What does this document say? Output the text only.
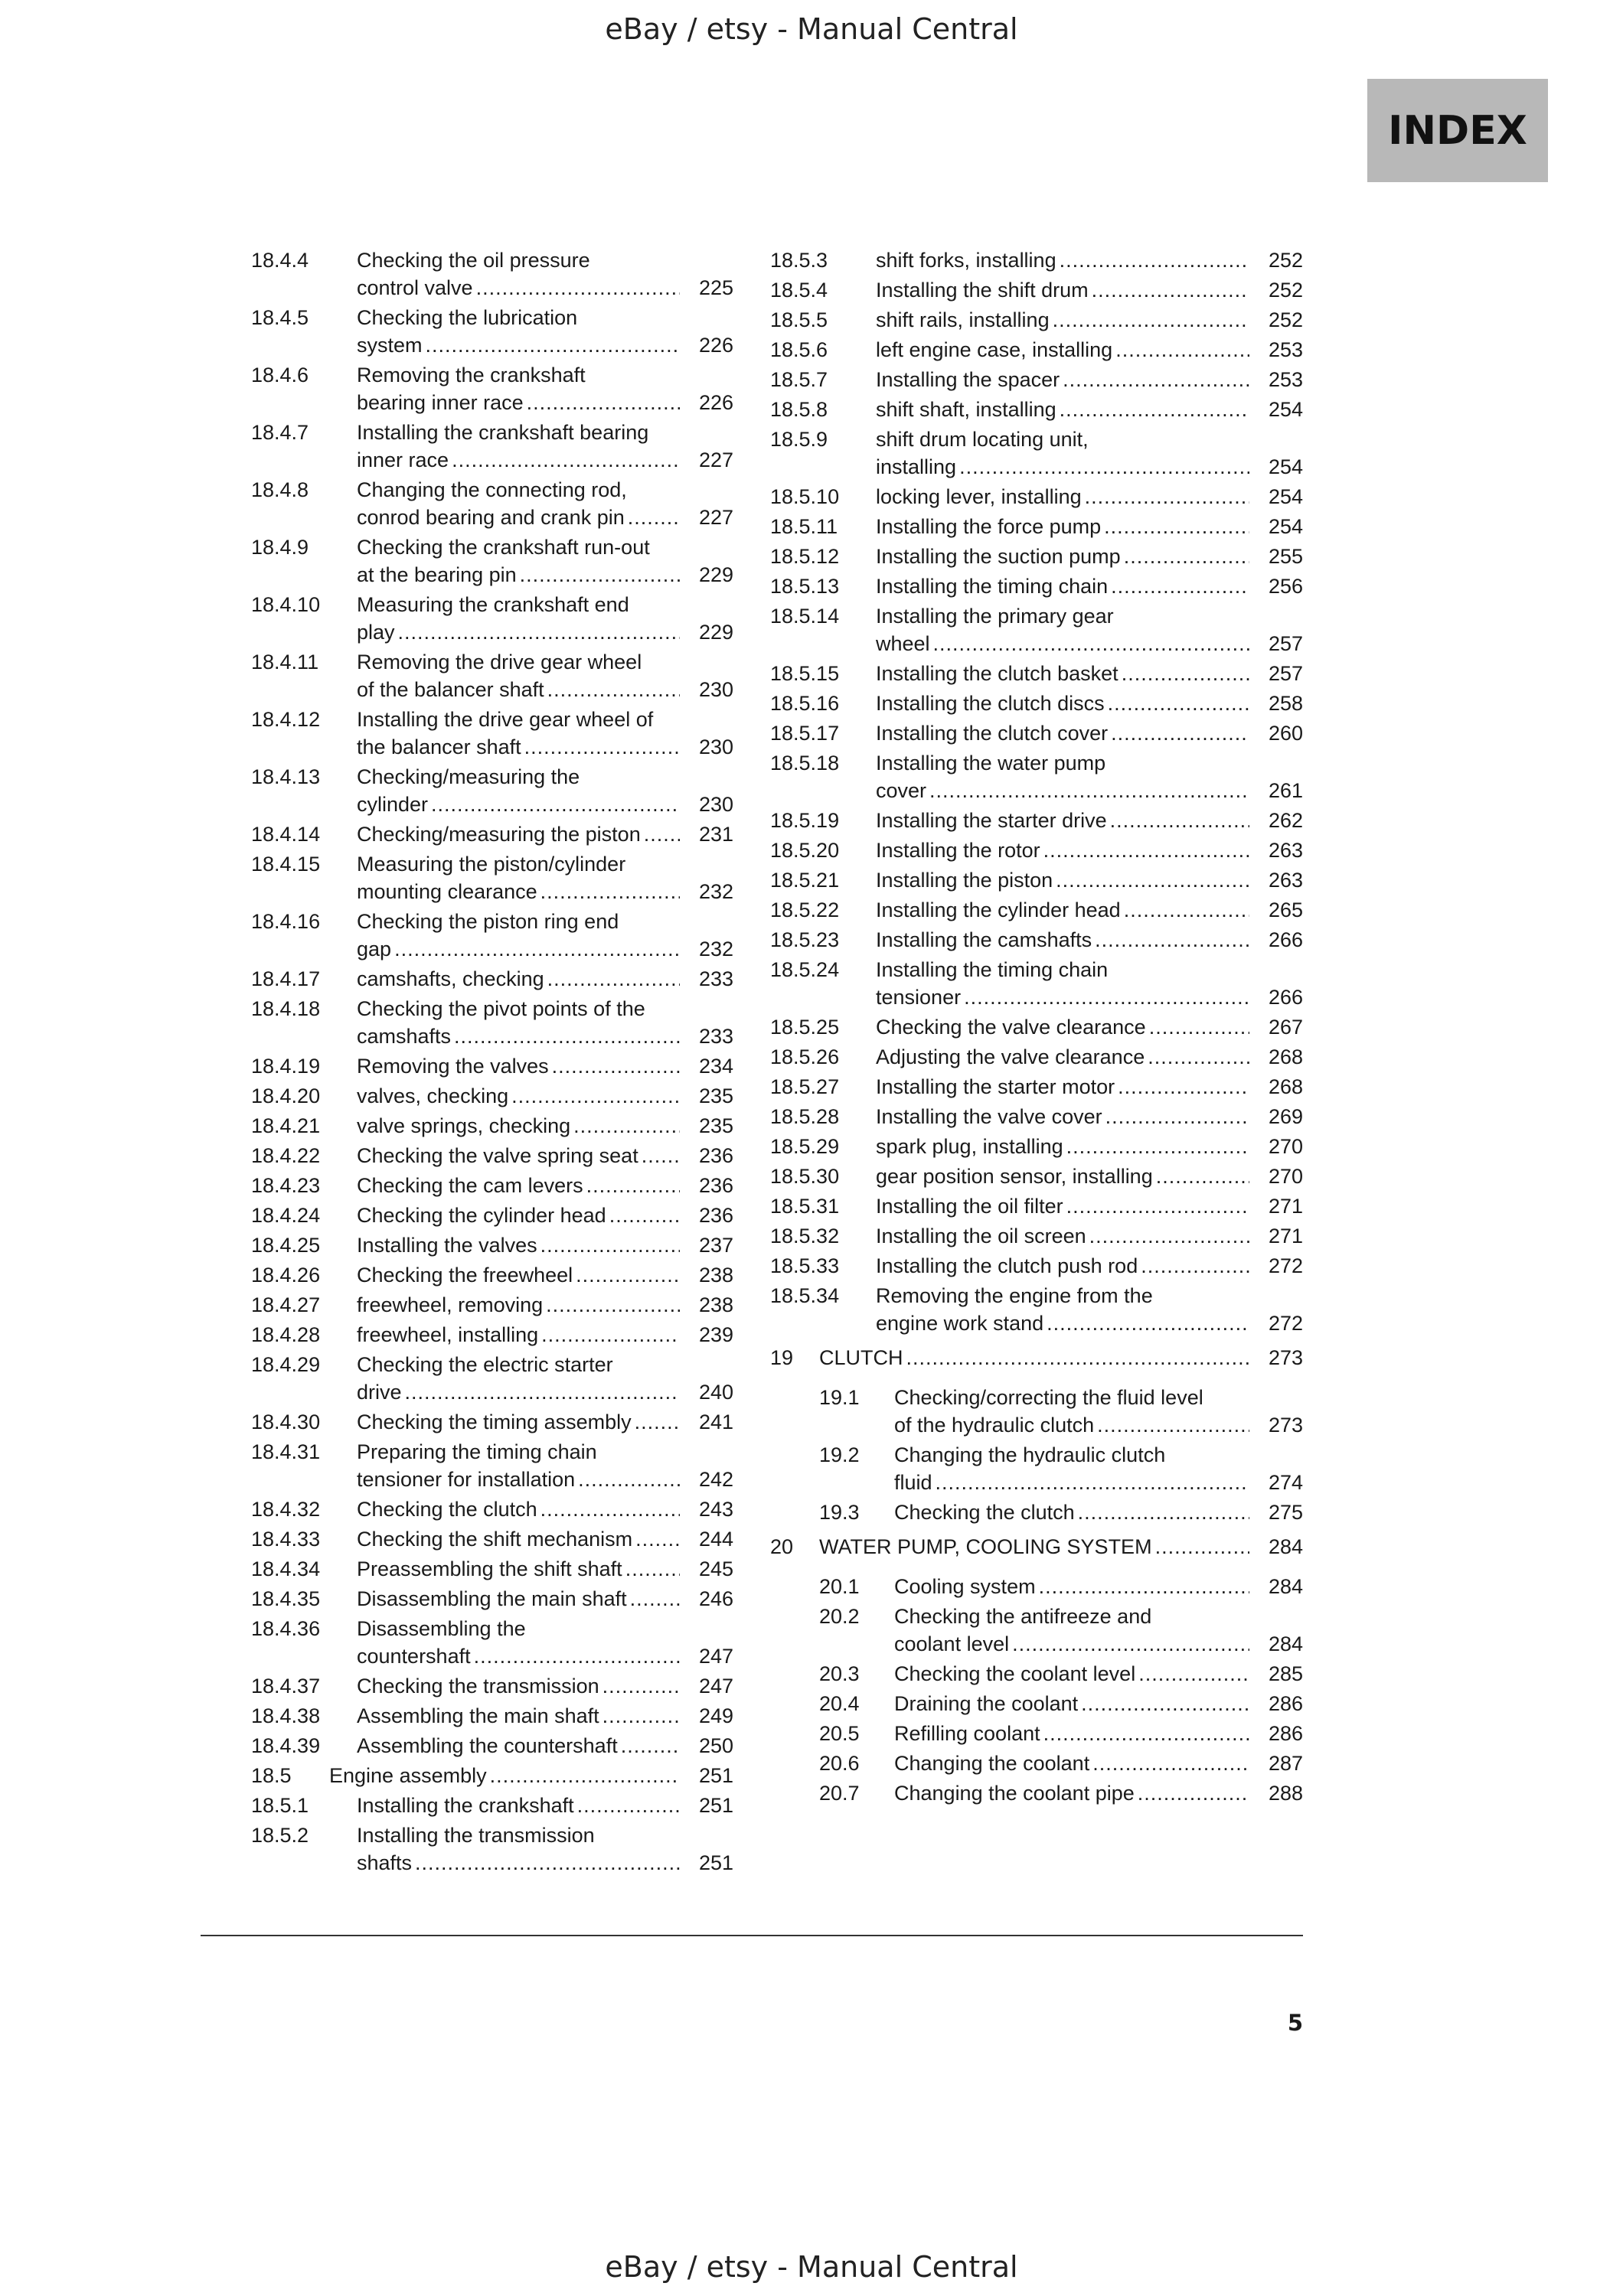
eBay / etsy - Manual Central
INDEX
18.4.4 Checking the oil pressure
control valve .....	225
18.4.5 Checking the lubrication
system .....	226
18.4.6 Removing the crankshaft
bearing inner race .....	226
18.4.7 Installing the crankshaft bearing
inner race .....	227
18.4.8 Changing the connecting rod,
conrod bearing and crank pin .....	227
18.4.9 Checking the crankshaft run-out
at the bearing pin .....	229
18.4.10 Measuring the crankshaft end
play .....	229
18.4.11 Removing the drive gear wheel
of the balancer shaft .....	230
18.4.12 Installing the drive gear wheel of
the balancer shaft .....	230
18.4.13 Checking/measuring the
cylinder .....	230
18.4.14 Checking/measuring the piston .....	231
18.4.15 Measuring the piston/cylinder
mounting clearance .....	232
18.4.16 Checking the piston ring end
gap .....	232
18.4.17 camshafts, checking .....	233
18.4.18 Checking the pivot points of the
camshafts .....	233
18.4.19 Removing the valves .....	234
18.4.20 valves, checking .....	235
18.4.21 valve springs, checking .....	235
18.4.22 Checking the valve spring seat .....	236
18.4.23 Checking the cam levers .....	236
18.4.24 Checking the cylinder head .....	236
18.4.25 Installing the valves .....	237
18.4.26 Checking the freewheel .....	238
18.4.27 freewheel, removing .....	238
18.4.28 freewheel, installing .....	239
18.4.29 Checking the electric starter
drive .....	240
18.4.30 Checking the timing assembly .....	241
18.4.31 Preparing the timing chain
tensioner for installation .....	242
18.4.32 Checking the clutch .....	243
18.4.33 Checking the shift mechanism .....	244
18.4.34 Preassembling the shift shaft .....	245
18.4.35 Disassembling the main shaft .....	246
18.4.36 Disassembling the
countershaft .....	247
18.4.37 Checking the transmission .....	247
18.4.38 Assembling the main shaft .....	249
18.4.39 Assembling the countershaft .....	250
18.5 Engine assembly .....	251
18.5.1 Installing the crankshaft .....	251
18.5.2 Installing the transmission
shafts .....	251
18.5.3 shift forks, installing .....	252
18.5.4 Installing the shift drum .....	252
18.5.5 shift rails, installing .....	252
18.5.6 left engine case, installing .....	253
18.5.7 Installing the spacer .....	253
18.5.8 shift shaft, installing .....	254
18.5.9 shift drum locating unit,
installing .....	254
18.5.10 locking lever, installing .....	254
18.5.11 Installing the force pump .....	254
18.5.12 Installing the suction pump .....	255
18.5.13 Installing the timing chain .....	256
18.5.14 Installing the primary gear
wheel .....	257
18.5.15 Installing the clutch basket .....	257
18.5.16 Installing the clutch discs .....	258
18.5.17 Installing the clutch cover .....	260
18.5.18 Installing the water pump
cover .....	261
18.5.19 Installing the starter drive .....	262
18.5.20 Installing the rotor .....	263
18.5.21 Installing the piston .....	263
18.5.22 Installing the cylinder head .....	265
18.5.23 Installing the camshafts .....	266
18.5.24 Installing the timing chain
tensioner .....	266
18.5.25 Checking the valve clearance .....	267
18.5.26 Adjusting the valve clearance .....	268
18.5.27 Installing the starter motor .....	268
18.5.28 Installing the valve cover .....	269
18.5.29 spark plug, installing .....	270
18.5.30 gear position sensor, installing .....	270
18.5.31 Installing the oil filter .....	271
18.5.32 Installing the oil screen .....	271
18.5.33 Installing the clutch push rod .....	272
18.5.34 Removing the engine from the
engine work stand .....	272
19	CLUTCH .....	273
19.1 Checking/correcting the fluid level
of the hydraulic clutch .....	273
19.2 Changing the hydraulic clutch
fluid .....	274
19.3 Checking the clutch .....	275
20	WATER PUMP, COOLING SYSTEM .....	284
20.1 Cooling system .....	284
20.2 Checking the antifreeze and
coolant level .....	284
20.3 Checking the coolant level .....	285
20.4 Draining the coolant .....	286
20.5 Refilling coolant .....	286
20.6 Changing the coolant .....	287
20.7 Changing the coolant pipe .....	288
5
eBay / etsy - Manual Central
